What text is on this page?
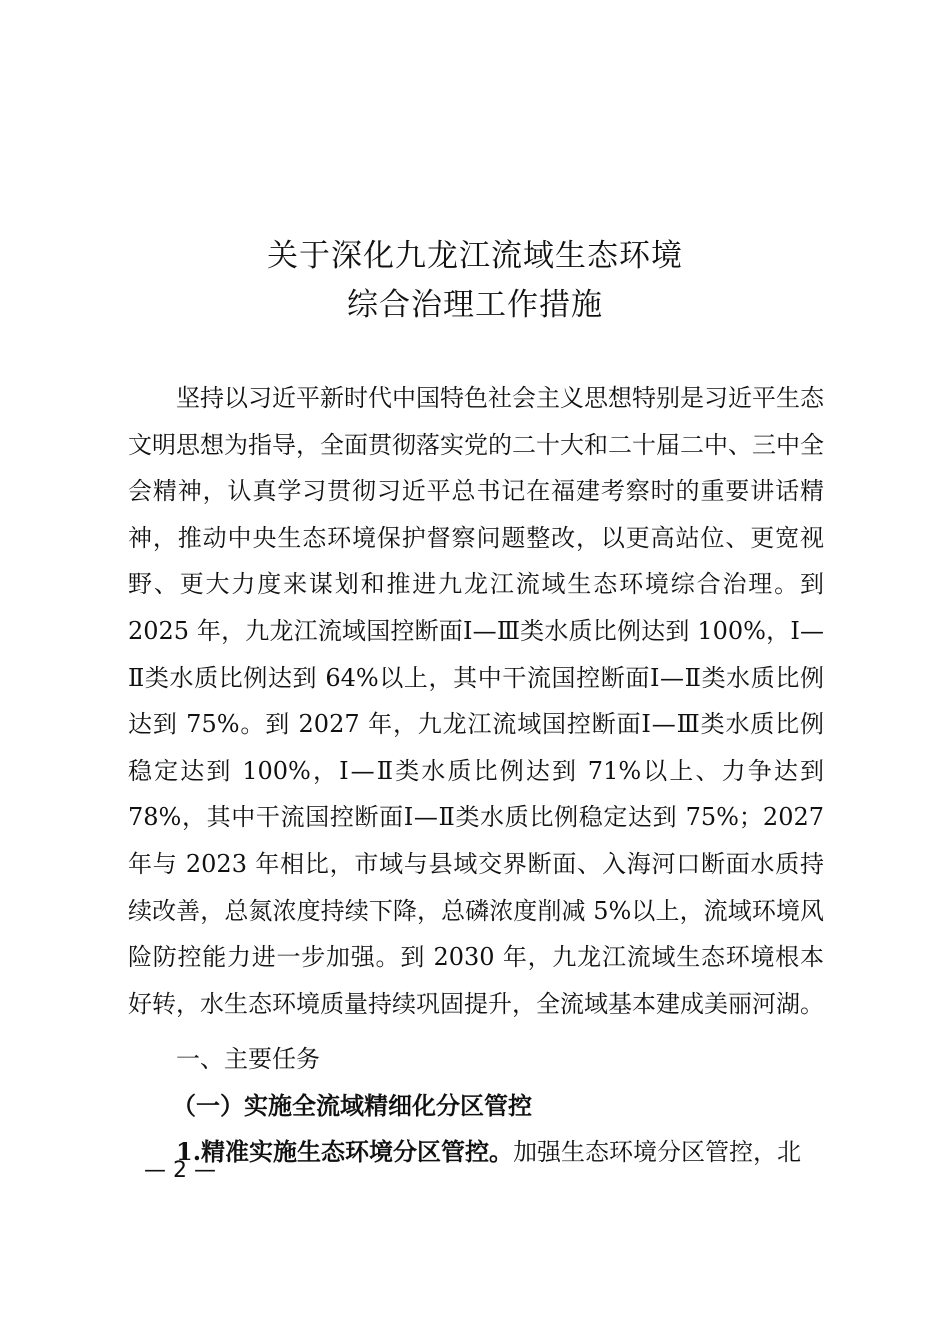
关于深化九龙江流域生态环境
综合治理工作措施

坚持以习近平新时代中国特色社会主义思想特别是习近平生态文明思想为指导，全面贯彻落实党的二十大和二十届二中、三中全会精神，认真学习贯彻习近平总书记在福建考察时的重要讲话精神，推动中央生态环境保护督察问题整改，以更高站位、更宽视野、更大力度来谋划和推进九龙江流域生态环境综合治理。到 2025 年，九龙江流域国控断面Ⅰ—Ⅲ类水质比例达到 100%，Ⅰ—Ⅱ类水质比例达到 64%以上，其中干流国控断面Ⅰ—Ⅱ类水质比例达到 75%。到 2027 年，九龙江流域国控断面Ⅰ—Ⅲ类水质比例稳定达到 100%，Ⅰ—Ⅱ类水质比例达到 71%以上、力争达到 78%，其中干流国控断面Ⅰ—Ⅱ类水质比例稳定达到 75%；2027 年与 2023 年相比，市域与县域交界断面、入海河口断面水质持续改善，总氮浓度持续下降，总磷浓度削减 5%以上，流域环境风险防控能力进一步加强。到 2030 年，九龙江流域生态环境根本好转，水生态环境质量持续巩固提升，全流域基本建成美丽河湖。

一、主要任务
（一）实施全流域精细化分区管控
1.精准实施生态环境分区管控。加强生态环境分区管控，北
— 2 —
